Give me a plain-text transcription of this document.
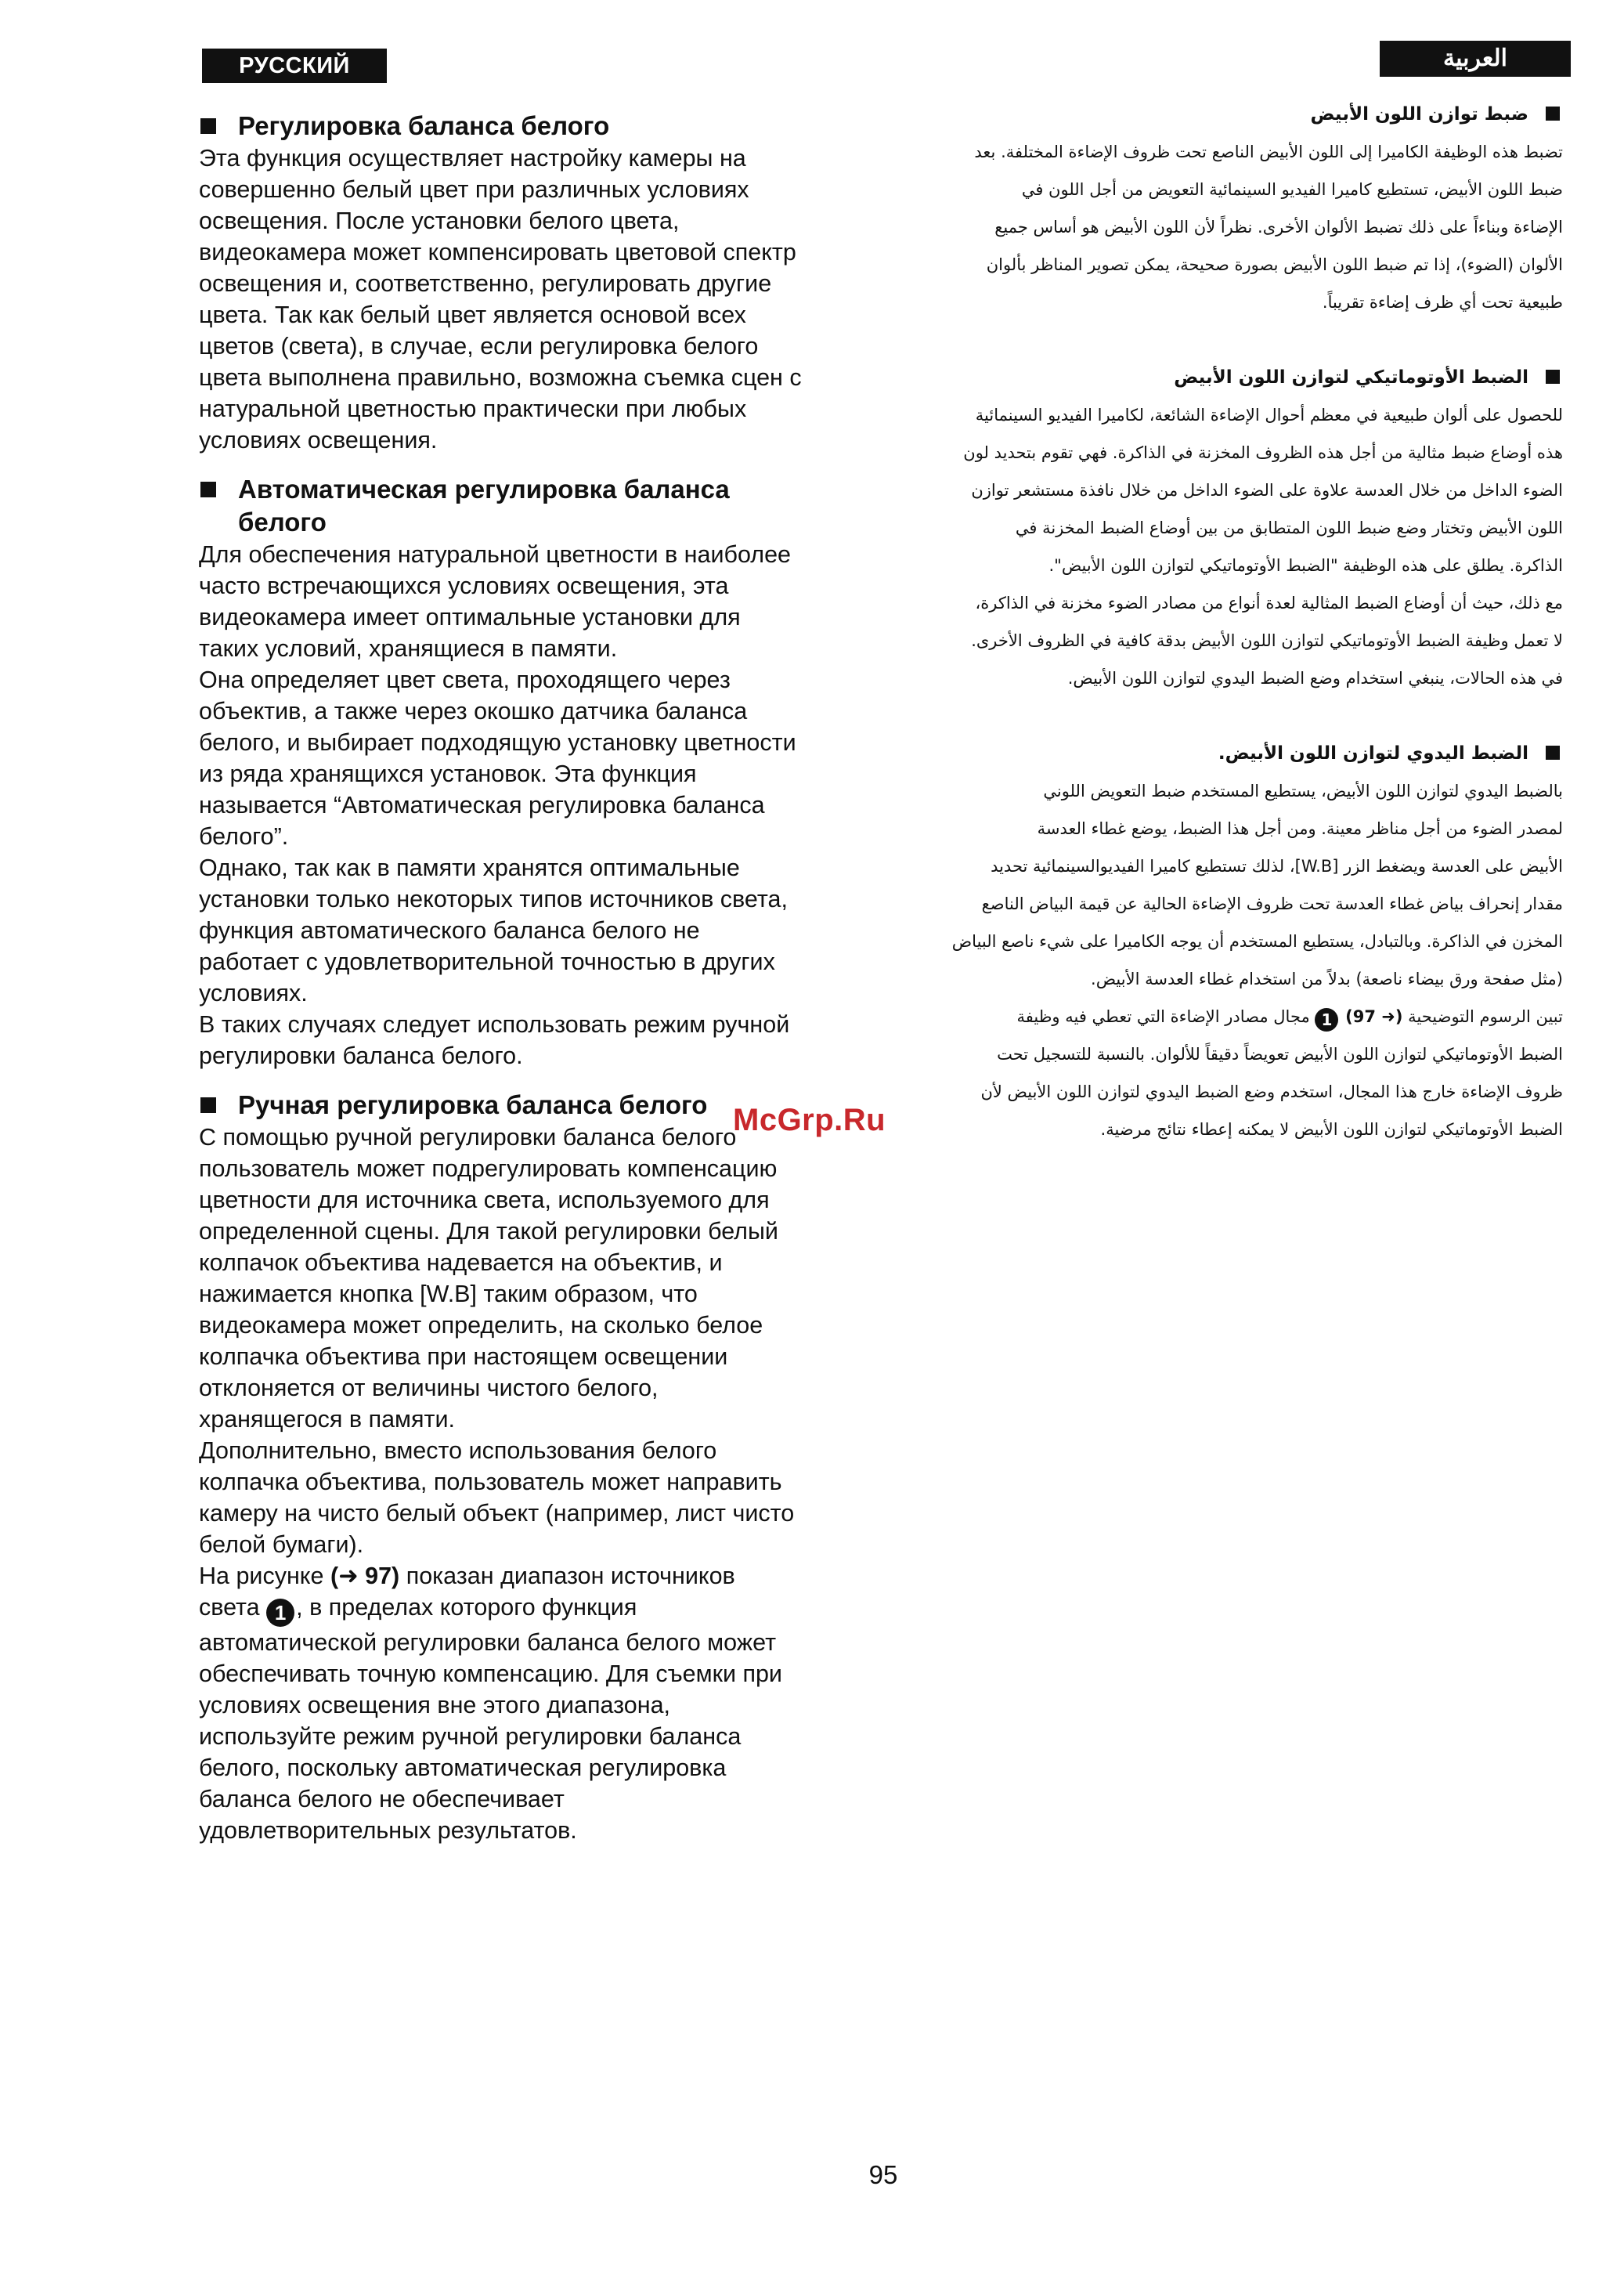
РУССКИЙ ЯЗЫК
العربية
Регулировка баланса белого

Эта функция осуществляет настройку камеры на
совершенно белый цвет при различных условиях
освещения. После установки белого цвета,
видеокамера может компенсировать цветовой спектр
освещения и, соответственно, регулировать другие
цвета. Так как белый цвет является основой всех
цветов (света), в случае, если регулировка белого
цвета выполнена правильно, возможна съемка сцен с
натуральной цветностью практически при любых
условиях освещения.

Автоматическая регулировка баланса
белого

Для обеспечения натуральной цветности в наиболее
часто встречающихся условиях освещения, эта
видеокамера имеет оптимальные установки для
таких условий, хранящиеся в памяти.

Она определяет цвет света, проходящего через
объектив, а также через окошко датчика баланса
белого, и выбирает подходящую установку цветности
из ряда хранящихся установок. Эта функция
называется “Автоматическая регулировка баланса
белого”.

Однако, так как в памяти хранятся оптимальные
установки только некоторых типов источников света,
функция автоматического баланса белого не
работает с удовлетворительной точностью в других
условиях.

В таких случаях следует использовать режим ручной
регулировки баланса белого.

Ручная регулировка баланса белого

С помощью ручной регулировки баланса белого
пользователь может подрегулировать компенсацию
цветности для источника света, используемого для
определенной сцены. Для такой регулировки белый
колпачок объектива надевается на объектив, и
нажимается кнопка [W.B] таким образом, что
видеокамера может определить, на сколько белое
колпачка объектива при настоящем освещении
отклоняется от величины чистого белого,
хранящегося в памяти.

Дополнительно, вместо использования белого
колпачка объектива, пользователь может направить
камеру на чисто белый объект (например, лист чисто
белой бумаги).

На рисунке (➜ 97) показан диапазон источников
света 1 , в пределах которого функция
автоматической регулировки баланса белого может
обеспечивать точную компенсацию. Для съемки при
условиях освещения вне этого диапазона,
используйте режим ручной регулировки баланса
белого, поскольку автоматическая регулировка
баланса белого не обеспечивает
удовлетворительных результатов.

ضبط توازن اللون الأبيض

تضبط هذه الوظيفة الكاميرا إلى اللون الأبيض الناصع تحت ظروف الإضاءة المختلفة. بعد
ضبط اللون الأبيض، تستطيع كاميرا الفيديو السينمائية التعويض من أجل اللون في
الإضاءة وبناءاً على ذلك تضبط الألوان الأخرى. نظراً لأن اللون الأبيض هو أساس جميع
الألوان (الضوء)، إذا تم ضبط اللون الأبيض بصورة صحيحة، يمكن تصوير المناظر بألوان
طبيعية تحت أي ظرف إضاءة تقريباً.

الضبط الأوتوماتيكي لتوازن اللون الأبيض

للحصول على ألوان طبيعية في معظم أحوال الإضاءة الشائعة، لكاميرا الفيديو السينمائية
هذه أوضاع ضبط مثالية من أجل هذه الظروف المخزنة في الذاكرة. فهي تقوم بتحديد لون
الضوء الداخل من خلال العدسة علاوة على الضوء الداخل من خلال نافذة مستشعر توازن
اللون الأبيض وتختار وضع ضبط اللون المتطابق من بين أوضاع الضبط المخزنة في
الذاكرة. يطلق على هذه الوظيفة "الضبط الأوتوماتيكي لتوازن اللون الأبيض".

مع ذلك، حيث أن أوضاع الضبط المثالية لعدة أنواع من مصادر الضوء مخزنة في الذاكرة،
لا تعمل وظيفة الضبط الأوتوماتيكي لتوازن اللون الأبيض بدقة كافية في الظروف الأخرى.
في هذه الحالات، ينبغي استخدام وضع الضبط اليدوي لتوازن اللون الأبيض.

الضبط اليدوي لتوازن اللون الأبيض.

بالضبط اليدوي لتوازن اللون الأبيض، يستطيع المستخدم ضبط التعويض اللوني
لمصدر الضوء من أجل مناظر معينة. ومن أجل هذا الضبط، يوضع غطاء العدسة
الأبيض على العدسة ويضغط الزر [W.B]، لذلك تستطيع كاميرا الفيديوالسينمائية تحديد
مقدار إنحراف بياض غطاء العدسة تحت ظروف الإضاءة الحالية عن قيمة البياض الناصع
المخزن في الذاكرة. وبالتبادل، يستطيع المستخدم أن يوجه الكاميرا على شيء ناصع البياض
(مثل صفحة ورق بيضاء ناصعة) بدلاً من استخدام غطاء العدسة الأبيض.

تبين الرسوم التوضيحية (97 ➜) 1 مجال مصادر الإضاءة التي تعطي فيه وظيفة
الضبط الأوتوماتيكي لتوازن اللون الأبيض تعويضاً دقيقاً للألوان. بالنسبة للتسجيل تحت
ظروف الإضاءة خارج هذا المجال، استخدم وضع الضبط اليدوي لتوازن اللون الأبيض لأن
الضبط الأوتوماتيكي لتوازن اللون الأبيض لا يمكنه إعطاء نتائج مرضية.

McGrp.Ru
95
